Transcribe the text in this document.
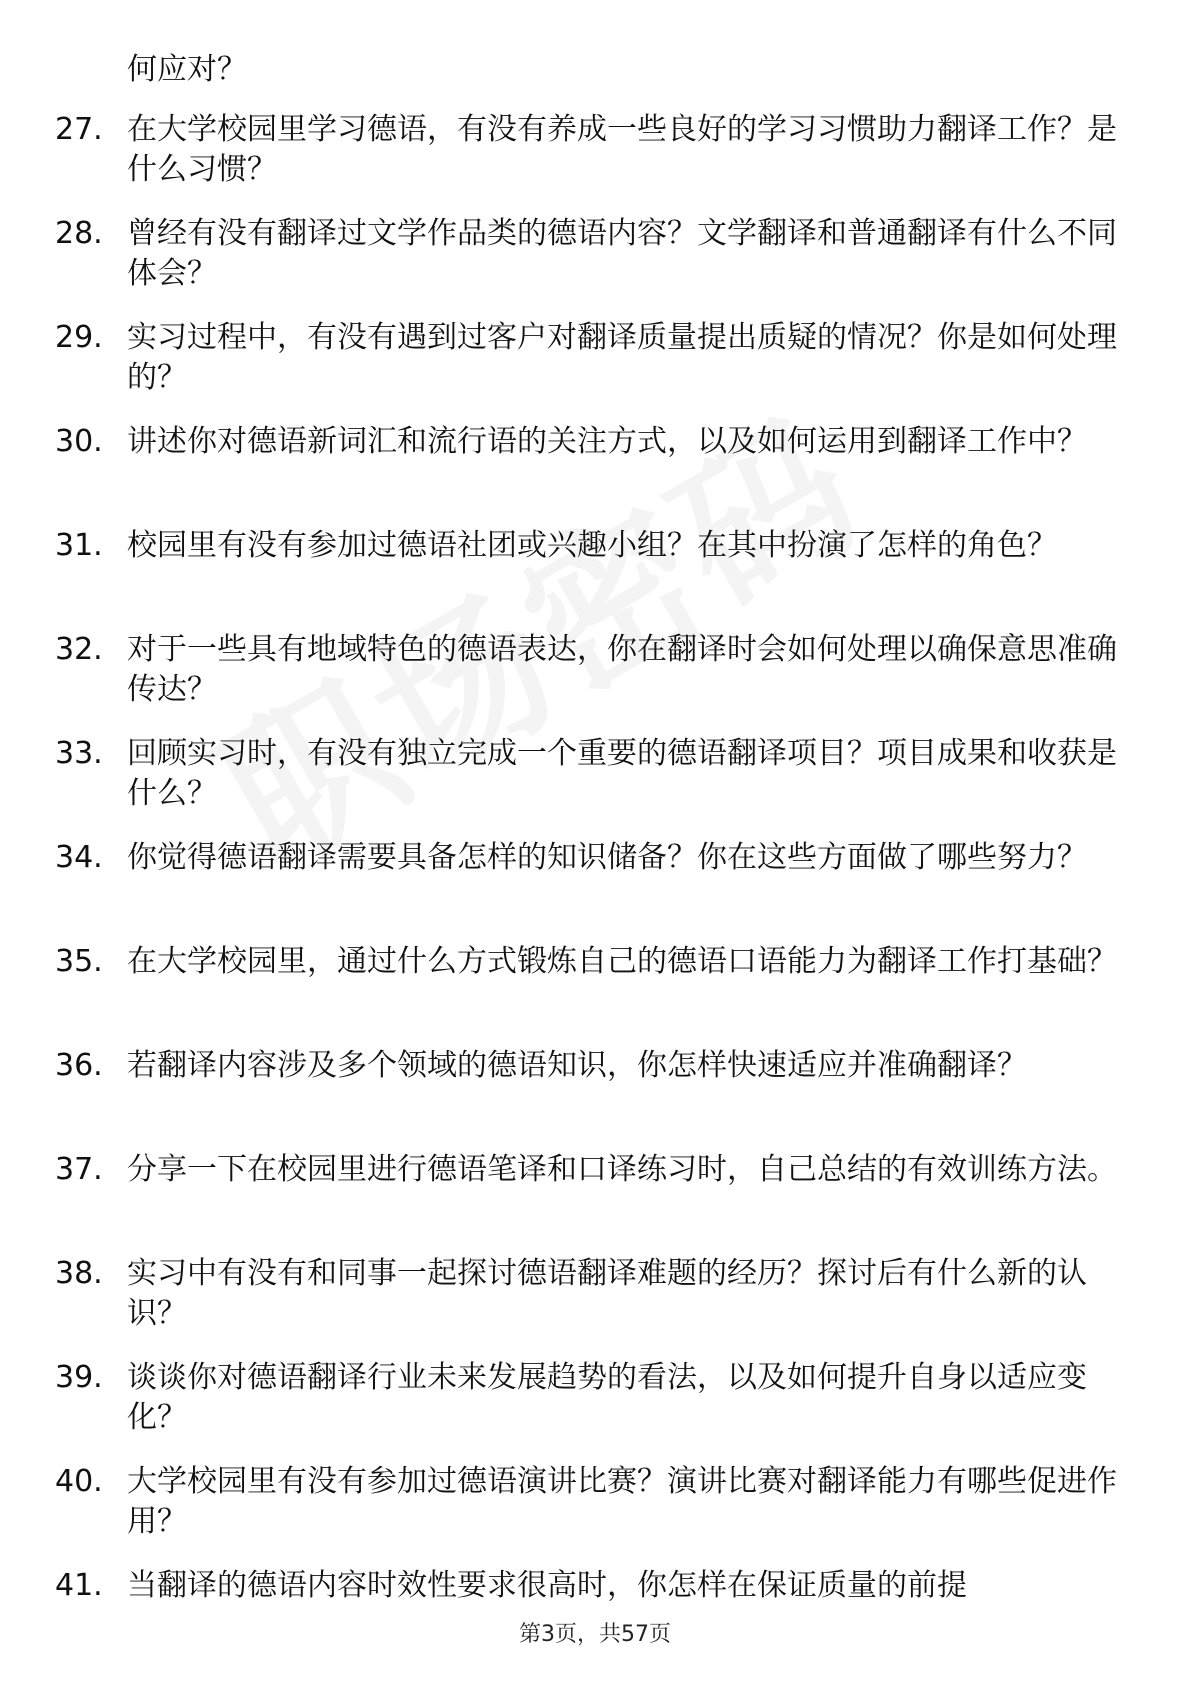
何应对？
27. 在大学校园里学习德语，有没有养成一些良好的学习习惯助力翻译工作？是什么习惯？
28. 曾经有没有翻译过文学作品类的德语内容？文学翻译和普通翻译有什么不同体会？
29. 实习过程中，有没有遇到过客户对翻译质量提出质疑的情况？你是如何处理的？
30. 讲述你对德语新词汇和流行语的关注方式，以及如何运用到翻译工作中？
31. 校园里有没有参加过德语社团或兴趣小组？在其中扮演了怎样的角色？
32. 对于一些具有地域特色的德语表达，你在翻译时会如何处理以确保意思准确传达？
33. 回顾实习时，有没有独立完成一个重要的德语翻译项目？项目成果和收获是什么？
34. 你觉得德语翻译需要具备怎样的知识储备？你在这些方面做了哪些努力？
35. 在大学校园里，通过什么方式锻炼自己的德语口语能力为翻译工作打基础？
36. 若翻译内容涉及多个领域的德语知识，你怎样快速适应并准确翻译？
37. 分享一下在校园里进行德语笔译和口译练习时，自己总结的有效训练方法。
38. 实习中有没有和同事一起探讨德语翻译难题的经历？探讨后有什么新的认识？
39. 谈谈你对德语翻译行业未来发展趋势的看法，以及如何提升自身以适应变化？
40. 大学校园里有没有参加过德语演讲比赛？演讲比赛对翻译能力有哪些促进作用？
41. 当翻译的德语内容时效性要求很高时，你怎样在保证质量的前提
第3页，共57页
